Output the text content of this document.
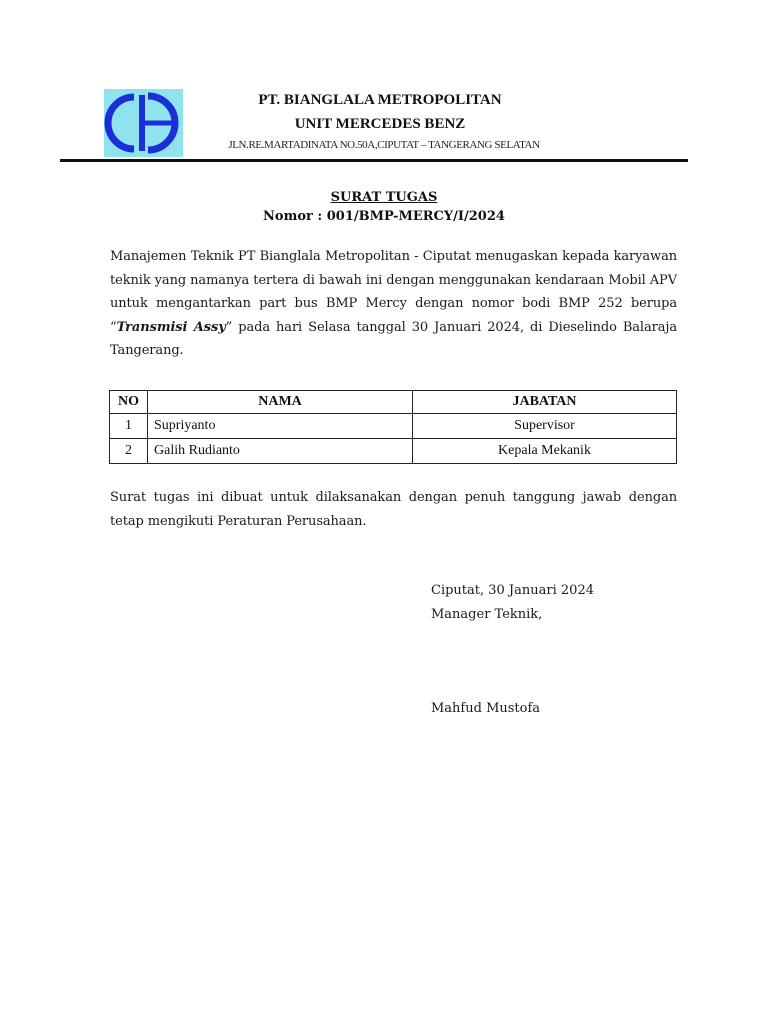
PT. BIANGLALA METROPOLITAN
UNIT MERCEDES BENZ
JLN.RE.MARTADINATA NO.50A,CIPUTAT – TANGERANG SELATAN
SURAT TUGAS
Nomor : 001/BMP-MERCY/I/2024
Manajemen Teknik PT Bianglala Metropolitan - Ciputat menugaskan kepada karyawan teknik yang namanya tertera di bawah ini dengan menggunakan kendaraan Mobil APV untuk mengantarkan part bus BMP Mercy dengan nomor bodi BMP 252 berupa “Transmisi Assy” pada hari Selasa tanggal 30 Januari 2024, di Dieselindo Balaraja Tangerang.
NO	NAMA	JABATAN
1	Supriyanto	Supervisor
2	Galih Rudianto	Kepala Mekanik
Surat tugas ini dibuat untuk dilaksanakan dengan penuh tanggung jawab dengan tetap mengikuti Peraturan Perusahaan.
Ciputat, 30 Januari 2024
Manager Teknik,
Mahfud Mustofa
